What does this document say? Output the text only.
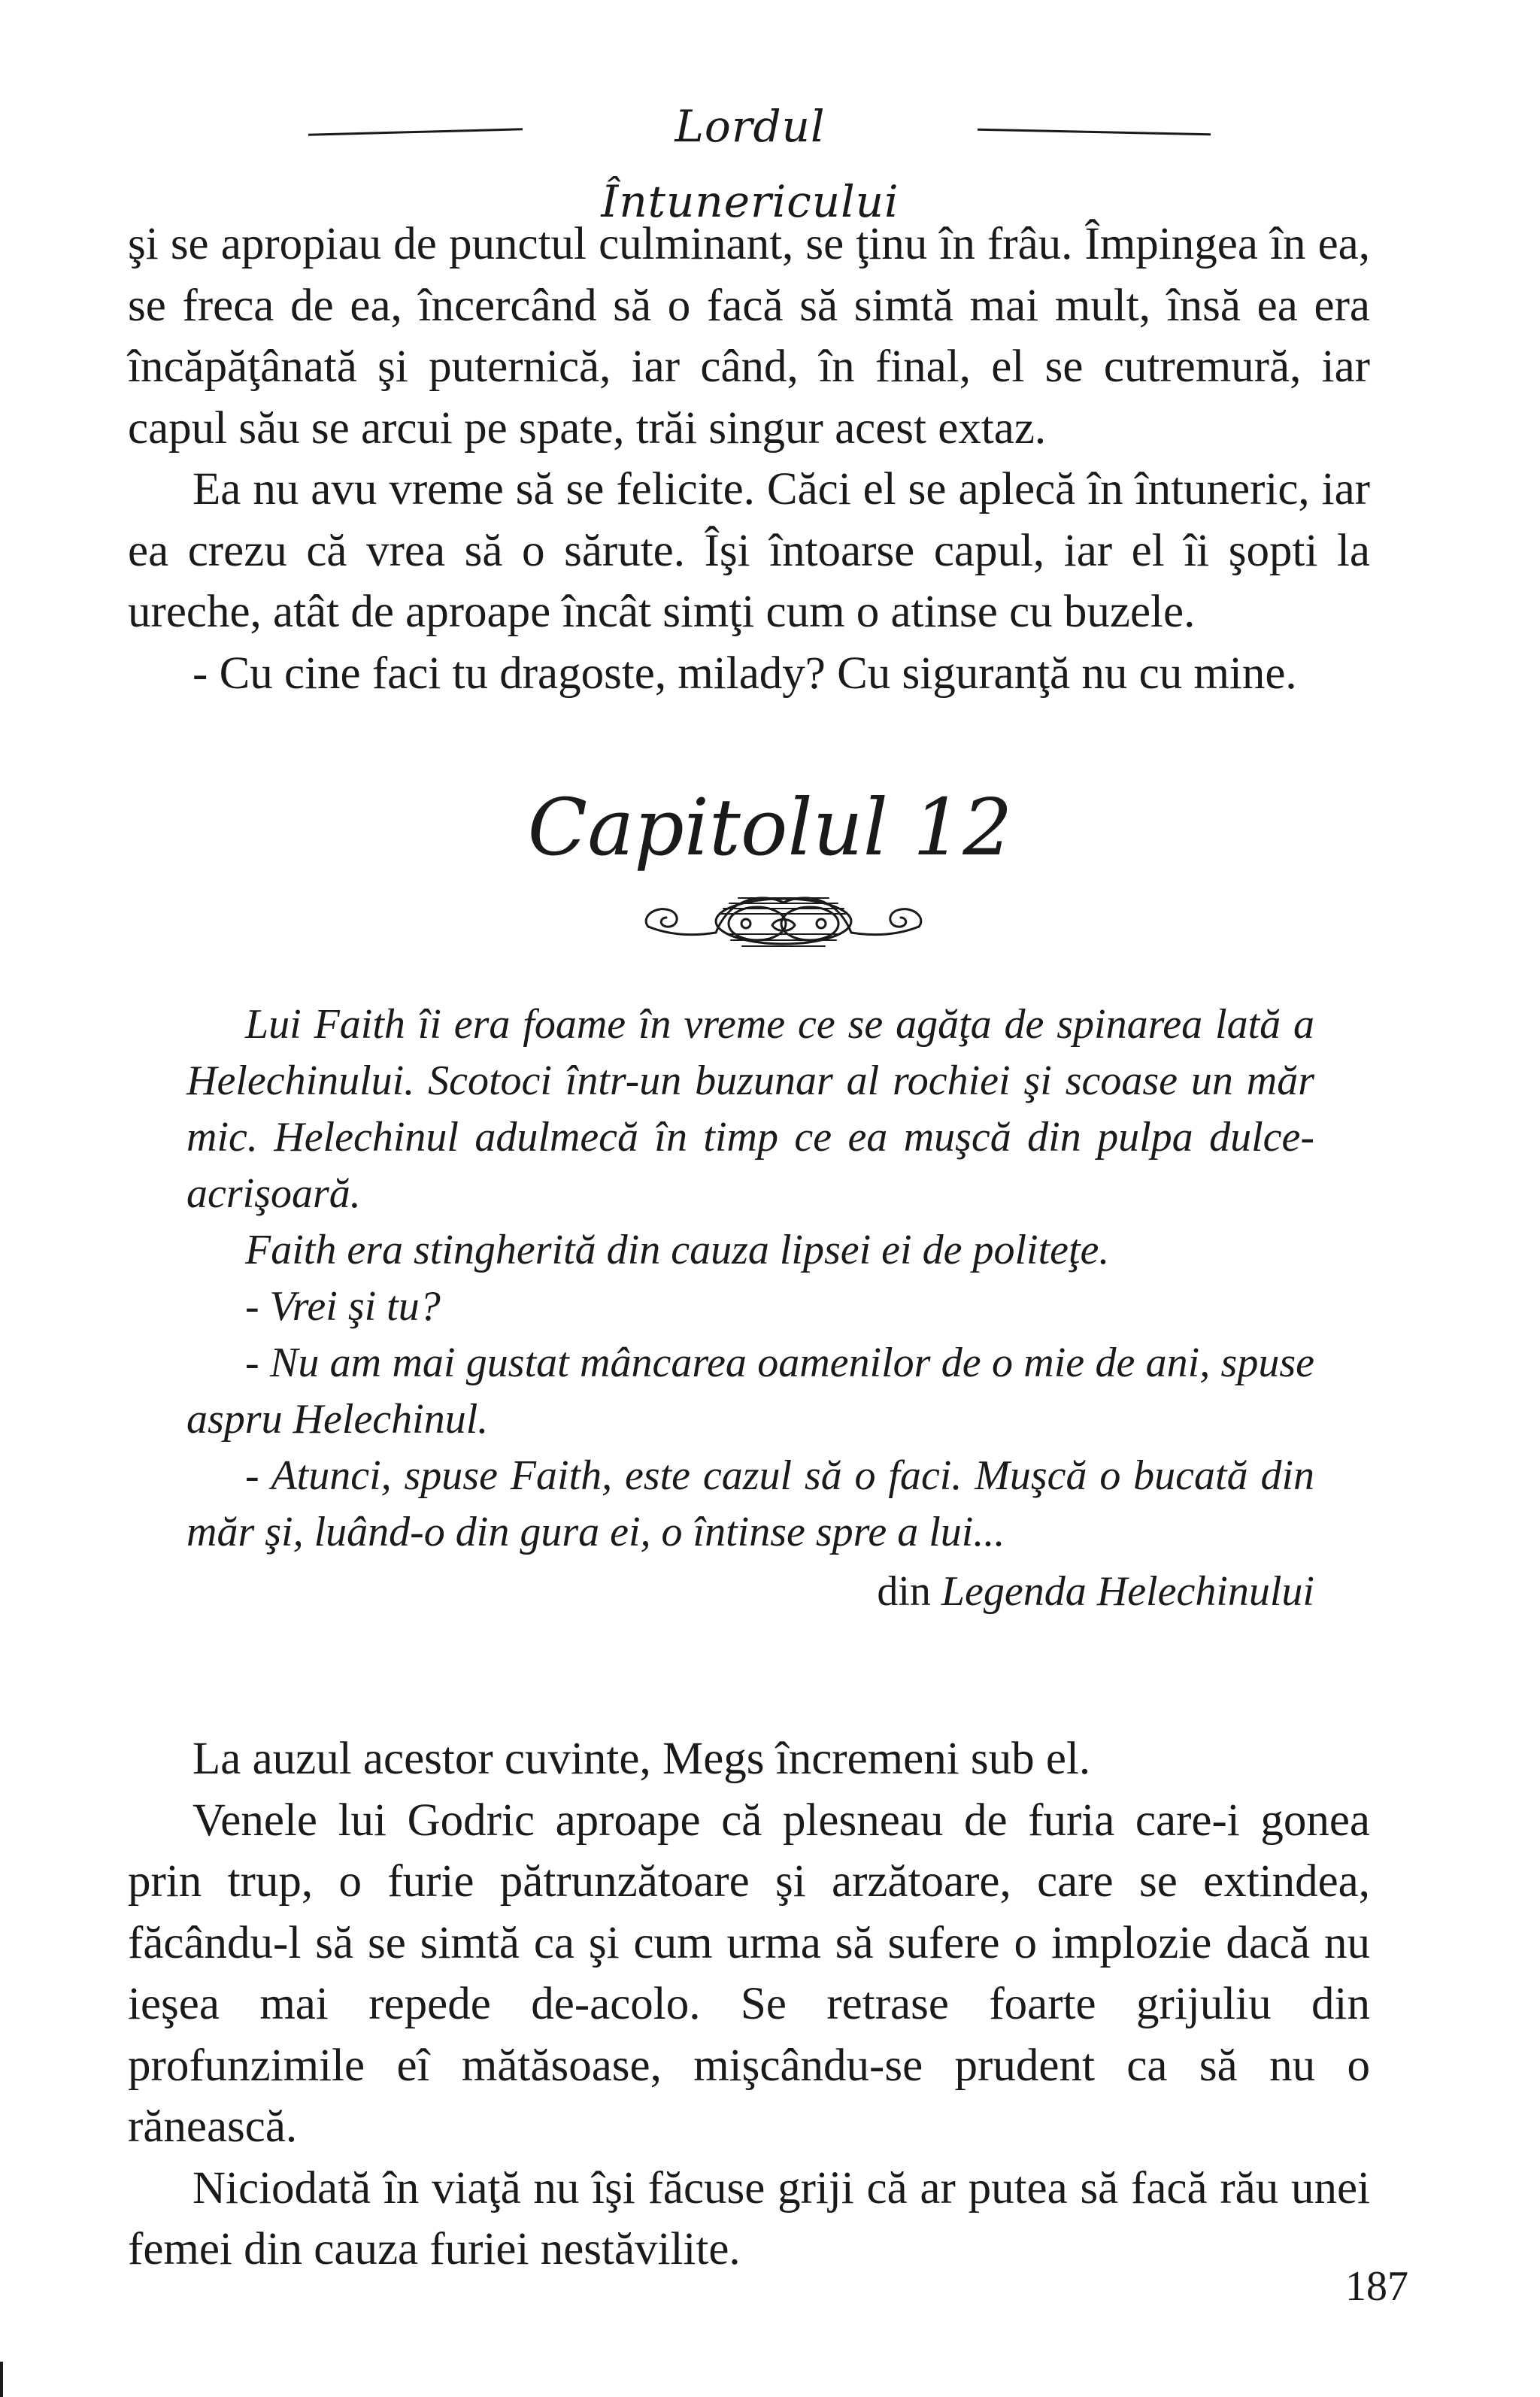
Lordul Întunericului

şi se apropiau de punctul culminant, se ţinu în frâu. Împingea în ea, se freca de ea, încercând să o facă să simtă mai mult, însă ea era încăpăţânată şi puternică, iar când, în final, el se cutremură, iar capul său se arcui pe spate, trăi singur acest extaz.

Ea nu avu vreme să se felicite. Căci el se aplecă în întuneric, iar ea crezu că vrea să o sărute. Îşi întoarse capul, iar el îi şopti la ureche, atât de aproape încât simţi cum o atinse cu buzele.

- Cu cine faci tu dragoste, milady? Cu siguranţă nu cu mine.

Capitolul 12

Lui Faith îi era foame în vreme ce se agăţa de spinarea lată a Helechinului. Scotoci într-un buzunar al rochiei şi scoase un măr mic. Helechinul adulmecă în timp ce ea muşcă din pulpa dulce-acrişoară.

Faith era stingherită din cauza lipsei ei de politeţe.

- Vrei şi tu?

- Nu am mai gustat mâncarea oamenilor de o mie de ani, spuse aspru Helechinul.

- Atunci, spuse Faith, este cazul să o faci. Muşcă o bucată din măr şi, luând-o din gura ei, o întinse spre a lui...

din Legenda Helechinului

La auzul acestor cuvinte, Megs încremeni sub el.

Venele lui Godric aproape că plesneau de furia care-i gonea prin trup, o furie pătrunzătoare şi arzătoare, care se extindea, făcându-l să se simtă ca şi cum urma să sufere o implozie dacă nu ieşea mai repede de-acolo. Se retrase foarte grijuliu din profunzimile eî mătăsoase, mişcându-se prudent ca să nu o rănească.

Niciodată în viaţă nu îşi făcuse griji că ar putea să facă rău unei femei din cauza furiei nestăvilite.

187
